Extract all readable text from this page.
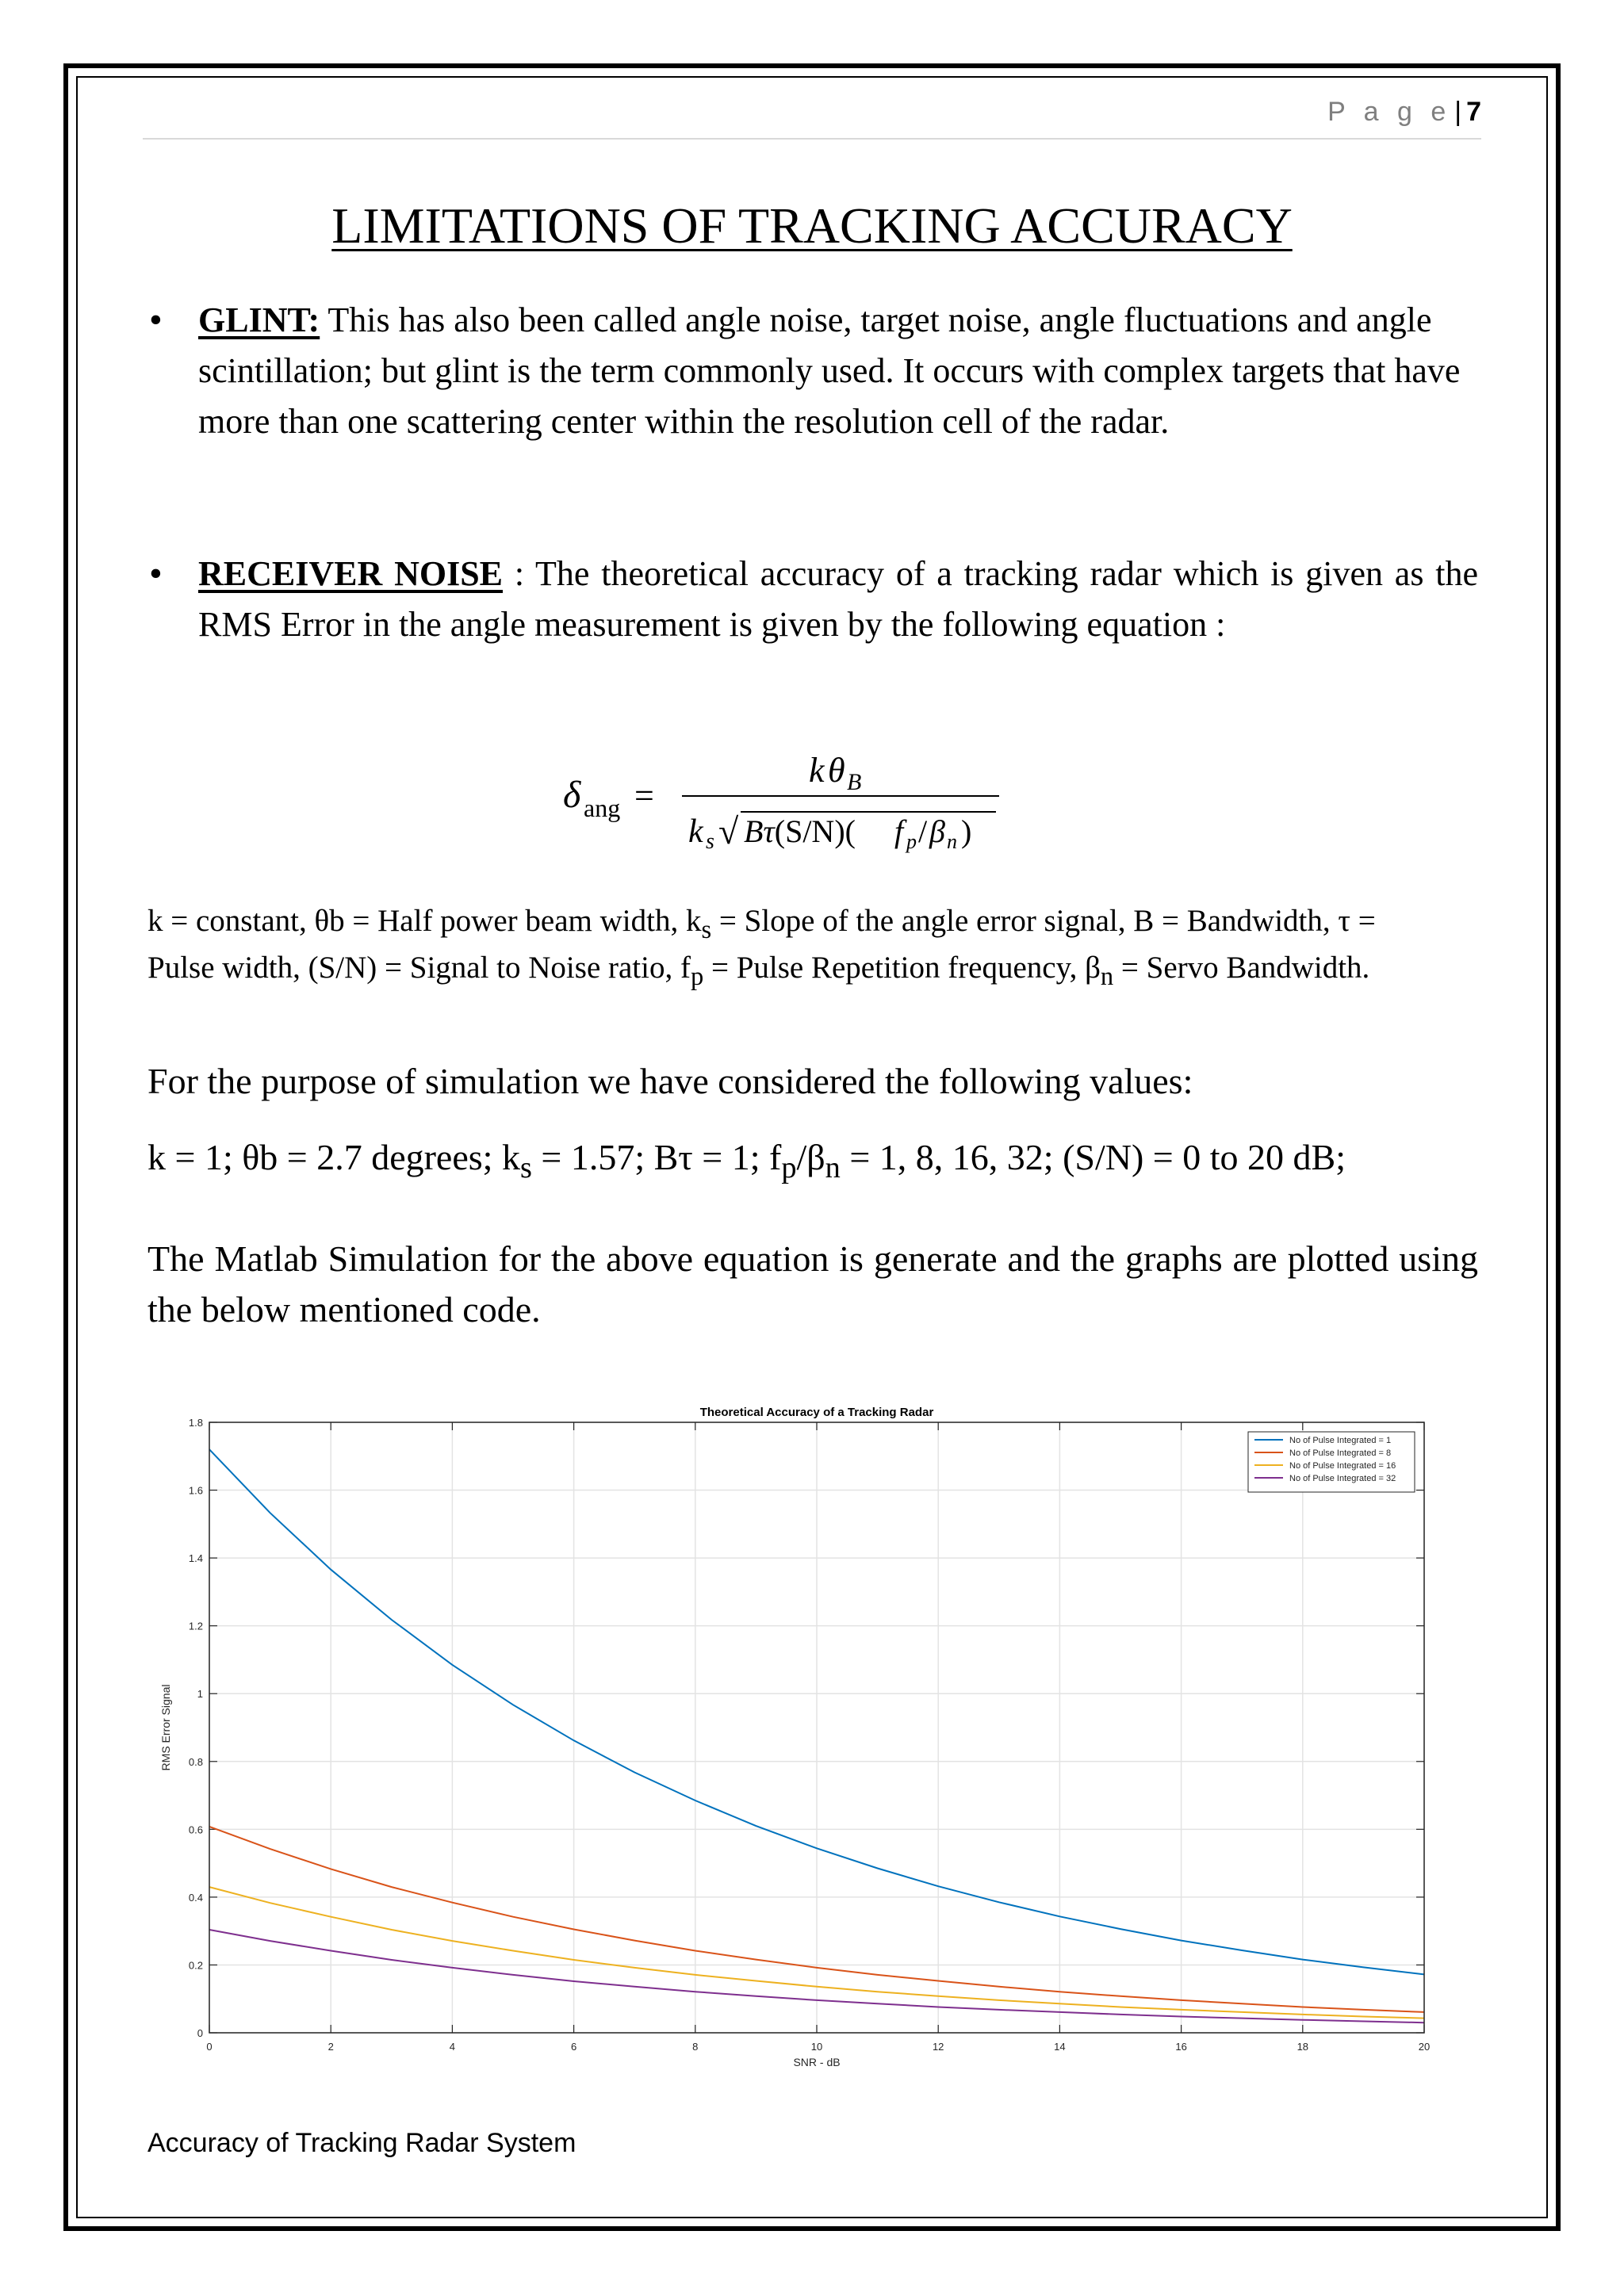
P a g e | 7
LIMITATIONS OF TRACKING ACCURACY
• GLINT: This has also been called angle noise, target noise, angle fluctuations and angle scintillation; but glint is the term commonly used. It occurs with complex targets that have more than one scattering center within the resolution cell of the radar.
• RECEIVER NOISE : The theoretical accuracy of a tracking radar which is given as the RMS Error in the angle measurement is given by the following equation :
δ ang =
k θ B
k s √ Bτ(S/N)( f p / β n )

k = constant, θb = Half power beam width, $k_s$ = Slope of the angle error signal, B = Bandwidth, τ =

Pulse width, (S/N) = Signal to Noise ratio, $f_p$ = Pulse Repetition frequency, $\beta_n$ = Servo Bandwidth.

For the purpose of simulation we have considered the following values:

k = 1; θb = 2.7 degrees; $k_s = 1.57$; Bτ = 1; $f_p/\beta_n = 1$, 8, 16, 32; (S/N) = 0 to 20 dB;

The Matlab Simulation for the above equation is generate and the graphs are plotted using the below mentioned code.

0	2	4	6	8	10	12	14	16	18	20
0
0.2
0.4
0.6
0.8
1
1.2
1.4
1.6
1.8
Theoretical Accuracy of a Tracking Radar
SNR - dB
RMS Error Signal
No of Pulse Integrated = 1
No of Pulse Integrated = 8
No of Pulse Integrated = 16
No of Pulse Integrated = 32
Accuracy of Tracking Radar System
